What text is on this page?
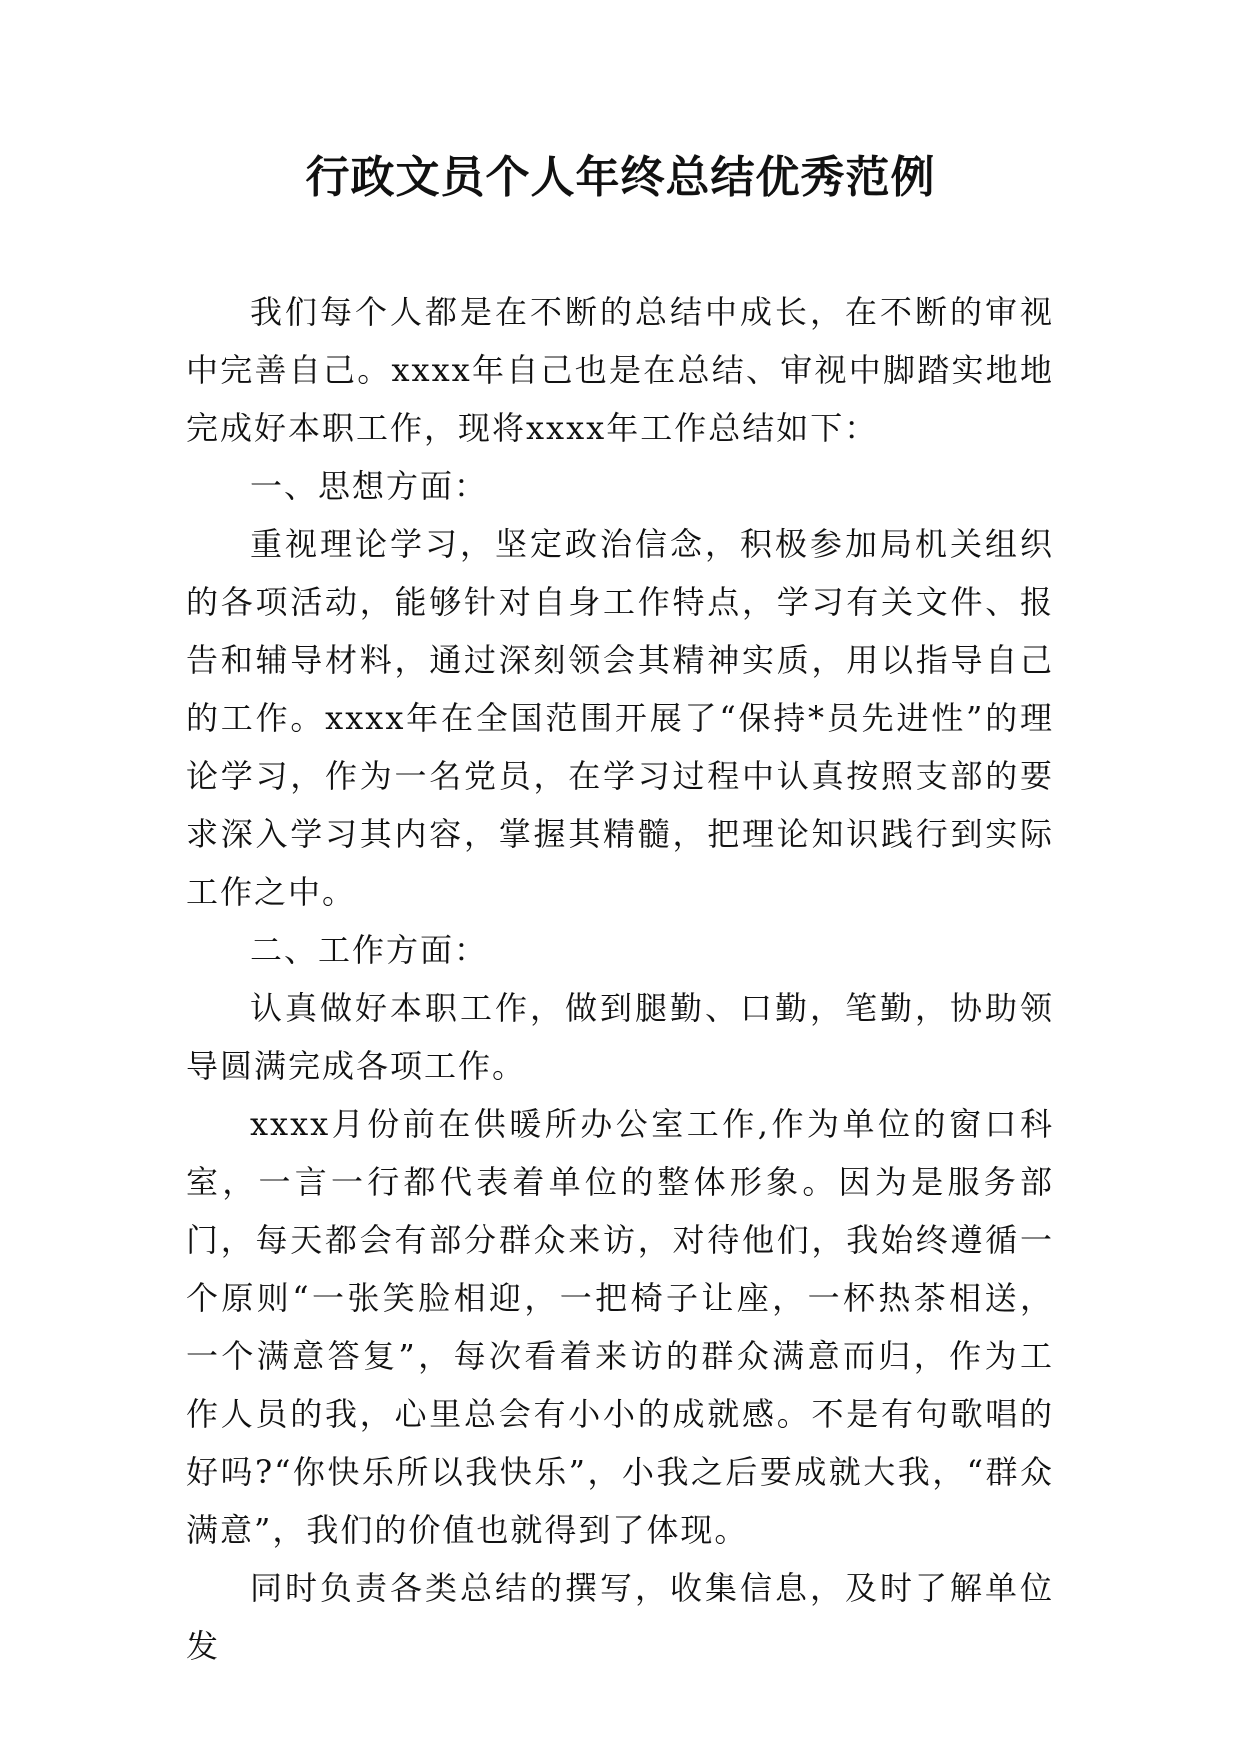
行政文员个人年终总结优秀范例

我们每个人都是在不断的总结中成长，在不断的审视中完善自己。xxxx年自己也是在总结、审视中脚踏实地地完成好本职工作，现将xxxx年工作总结如下：

一、思想方面：

重视理论学习，坚定政治信念，积极参加局机关组织的各项活动，能够针对自身工作特点，学习有关文件、报告和辅导材料，通过深刻领会其精神实质，用以指导自己的工作。xxxx年在全国范围开展了“保持*员先进性”的理论学习，作为一名党员，在学习过程中认真按照支部的要求深入学习其内容，掌握其精髓，把理论知识践行到实际工作之中。

二、工作方面：

认真做好本职工作，做到腿勤、口勤，笔勤，协助领导圆满完成各项工作。

xxxx月份前在供暖所办公室工作,作为单位的窗口科室，一言一行都代表着单位的整体形象。因为是服务部门，每天都会有部分群众来访，对待他们，我始终遵循一个原则“一张笑脸相迎，一把椅子让座，一杯热茶相送，一个满意答复”，每次看着来访的群众满意而归，作为工作人员的我，心里总会有小小的成就感。不是有句歌唱的好吗?“你快乐所以我快乐”，小我之后要成就大我，“群众满意”，我们的价值也就得到了体现。

同时负责各类总结的撰写，收集信息，及时了解单位发
